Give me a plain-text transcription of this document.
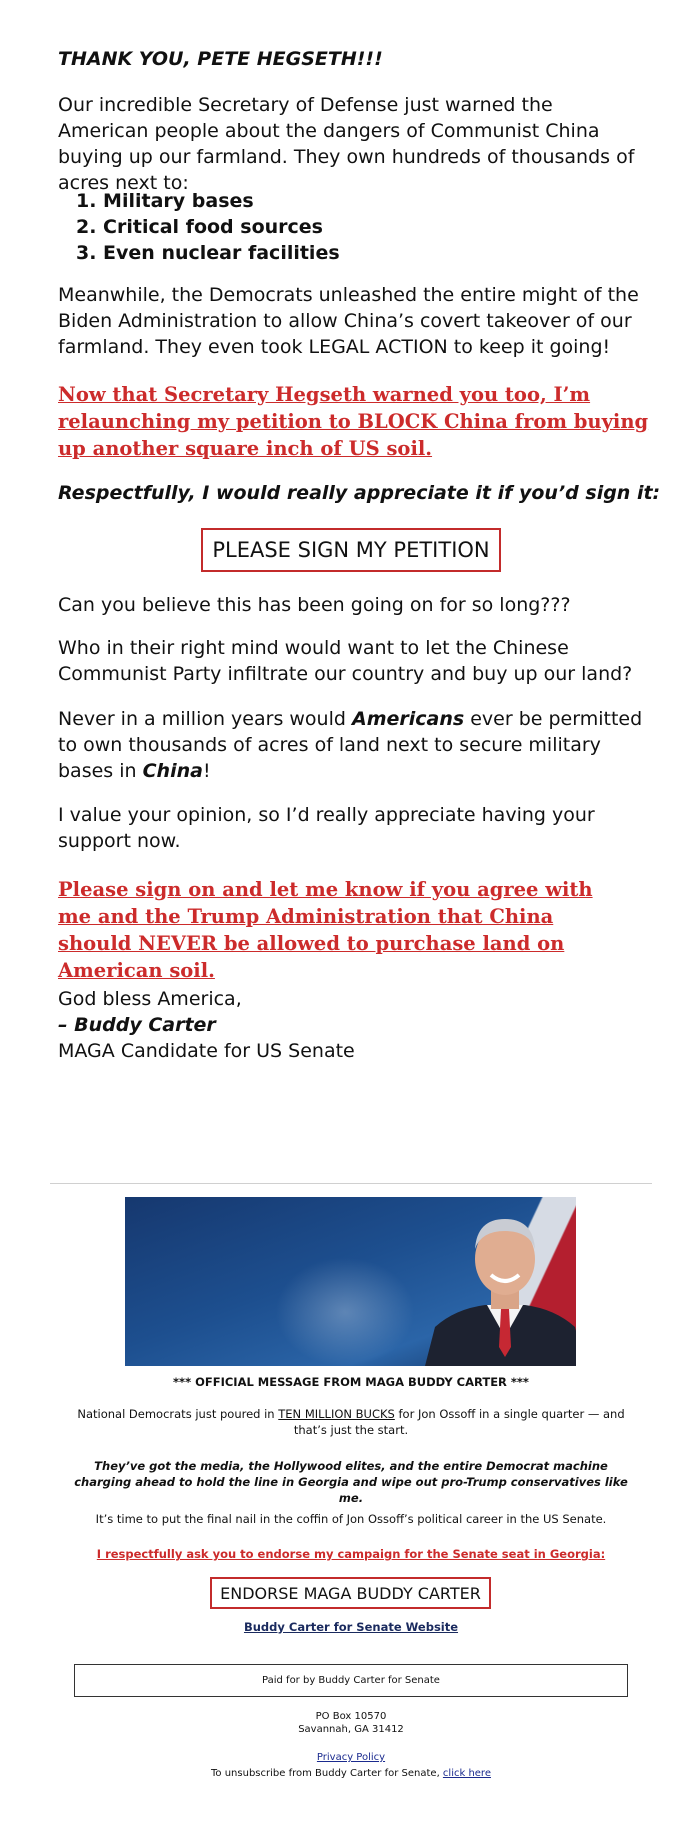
THANK YOU, PETE HEGSETH!!!

Our incredible Secretary of Defense just warned the American people about the dangers of Communist China buying up our farmland. They own hundreds of thousands of acres next to:

1. Military bases
2. Critical food sources
3. Even nuclear facilities

Meanwhile, the Democrats unleashed the entire might of the Biden Administration to allow China’s covert takeover of our farmland. They even took LEGAL ACTION to keep it going!

Now that Secretary Hegseth warned you too, I’m relaunching my petition to BLOCK China from buying up another square inch of US soil.

Respectfully, I would really appreciate it if you’d sign it:

PLEASE SIGN MY PETITION

Can you believe this has been going on for so long???

Who in their right mind would want to let the Chinese Communist Party infiltrate our country and buy up our land?

Never in a million years would Americans ever be permitted to own thousands of acres of land next to secure military bases in China!

I value your opinion, so I’d really appreciate having your support now.

Please sign on and let me know if you agree with me and the Trump Administration that China should NEVER be allowed to purchase land on American soil.

God bless America,
– Buddy Carter
MAGA Candidate for US Senate

*** OFFICIAL MESSAGE FROM MAGA BUDDY CARTER ***

National Democrats just poured in TEN MILLION BUCKS for Jon Ossoff in a single quarter — and that’s just the start.

They’ve got the media, the Hollywood elites, and the entire Democrat machine charging ahead to hold the line in Georgia and wipe out pro-Trump conservatives like me.

It’s time to put the final nail in the coffin of Jon Ossoff’s political career in the US Senate.

I respectfully ask you to endorse my campaign for the Senate seat in Georgia:

ENDORSE MAGA BUDDY CARTER

Buddy Carter for Senate Website

Paid for by Buddy Carter for Senate

PO Box 10570
Savannah, GA 31412

Privacy Policy

To unsubscribe from Buddy Carter for Senate, click here
